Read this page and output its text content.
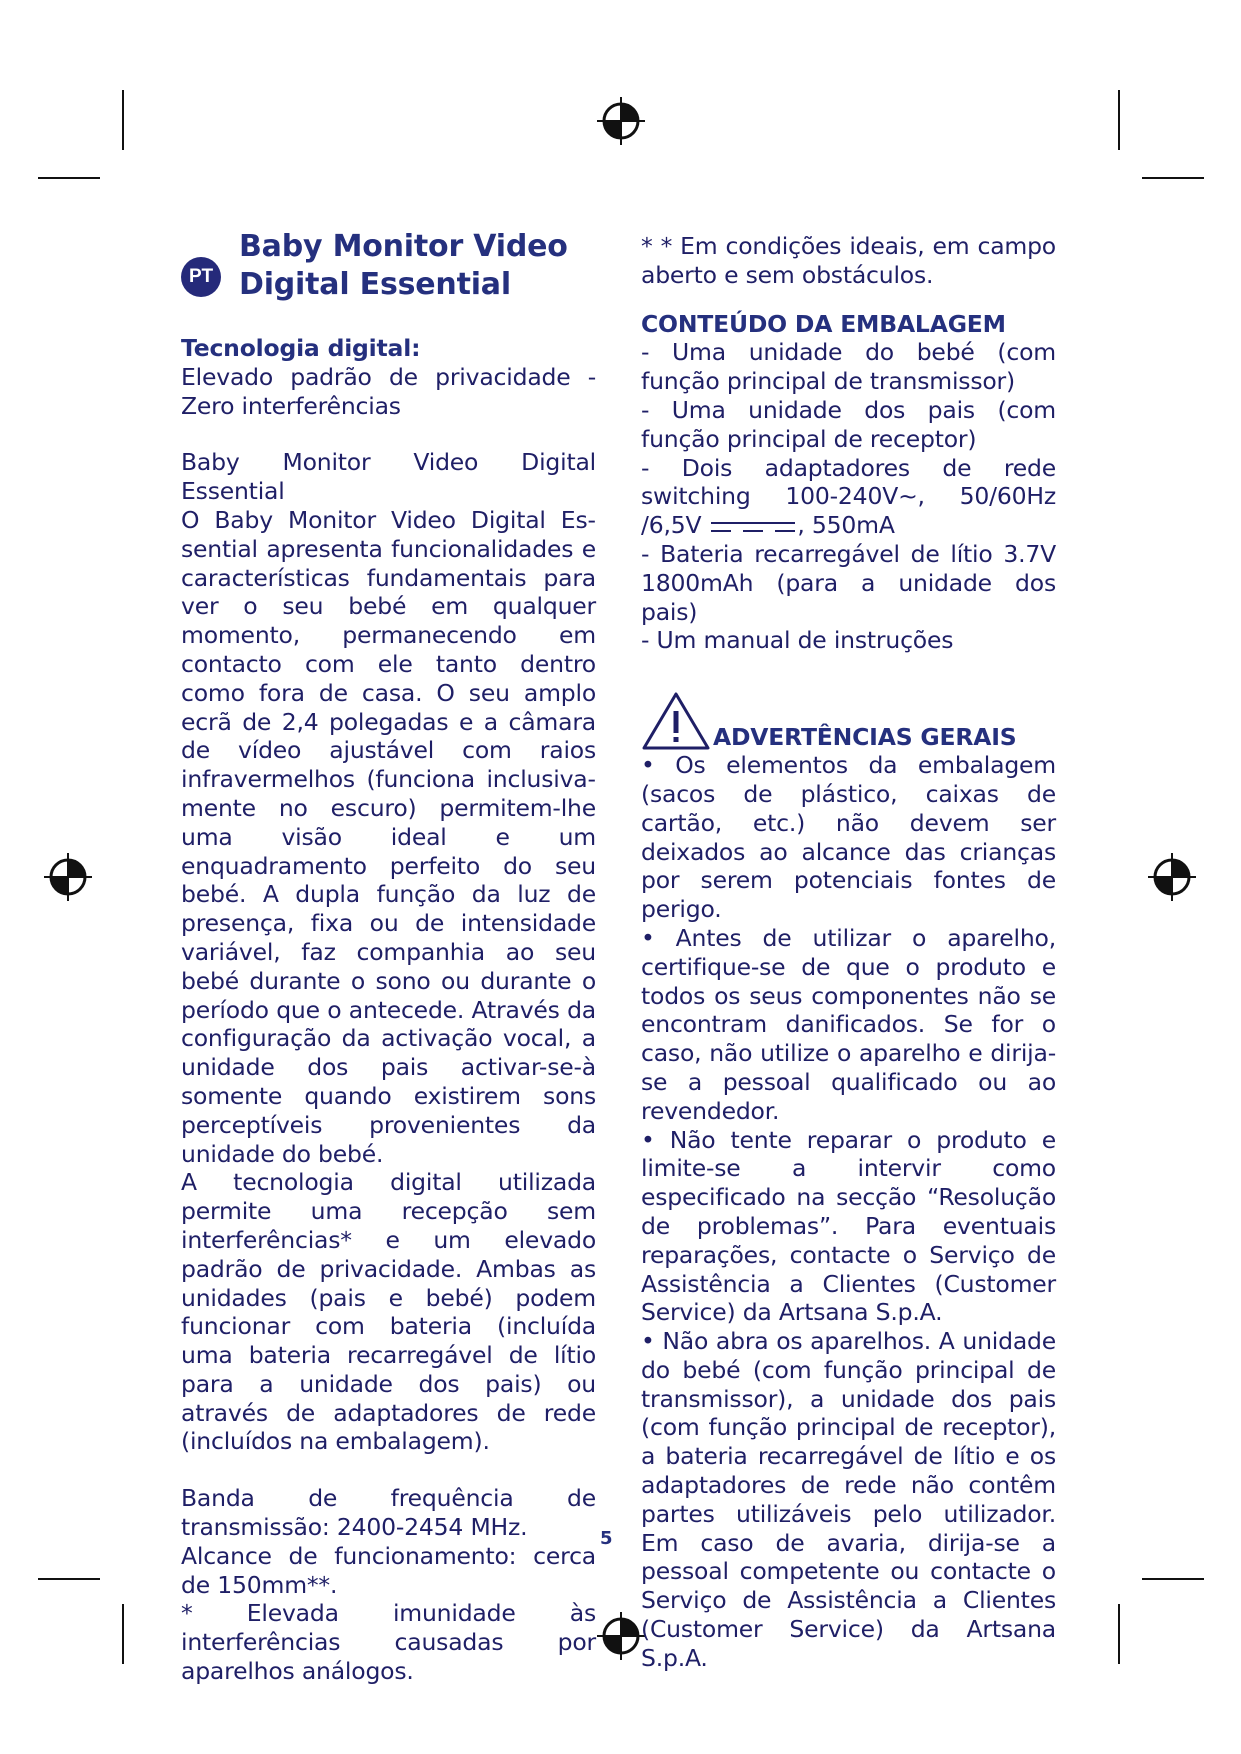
PT
Baby Monitor Video
Digital Essential

Tecnologia digital:

Elevado padrão de privacidade - Zero interferências

Baby Monitor Video Digital Essential

O Baby Monitor Video Digital Essential apresenta funcionalidades e características fundamentais para ver o seu bebé em qualquer momento, permanecendo em contacto com ele tanto dentro como fora de casa. O seu amplo ecrã de 2,4 polegadas e a câmara de vídeo ajustável com raios infravermelhos (funciona inclusivamente no escuro) permitem-lhe uma visão ideal e um enquadramento perfeito do seu bebé. A dupla função da luz de presença, fixa ou de intensidade variável, faz companhia ao seu bebé durante o sono ou durante o período que o antecede. Através da configuração da activação vocal, a unidade dos pais activar-se-à somente quando existirem sons perceptíveis provenientes da unidade do bebé.

A tecnologia digital utilizada permite uma recepção sem interferências* e um elevado padrão de privacidade. Ambas as unidades (pais e bebé) podem funcionar com bateria (incluída uma bateria recarregável de lítio para a unidade dos pais) ou através de adaptadores de rede (incluídos na embalagem).

Banda de frequência de transmissão: 2400-2454 MHz.

Alcance de funcionamento: cerca de 150mm**.

* Elevada imunidade às interferências causadas por aparelhos análogos.

* * Em condições ideais, em campo aberto e sem obstáculos.

CONTEÚDO DA EMBALAGEM

- Uma unidade do bebé (com função principal de transmissor)

- Uma unidade dos pais (com função principal de receptor)

- Dois adaptadores de rede switching 100-240V~, 50/60Hz /6,5V	, 550mA

- Bateria recarregável de lítio 3.7V 1800mAh (para a unidade dos pais)

- Um manual de instruções

ADVERTÊNCIAS GERAIS

• Os elementos da embalagem (sacos de plástico, caixas de cartão, etc.) não devem ser deixados ao alcance das crianças por serem potenciais fontes de perigo.

• Antes de utilizar o aparelho, certifique-se de que o produto e todos os seus componentes não se encontram danificados. Se for o caso, não utilize o aparelho e dirija-se a pessoal qualificado ou ao revendedor.

• Não tente reparar o produto e limite-se a intervir como especificado na secção “Resolução de problemas”. Para eventuais reparações, contacte o Serviço de Assistência a Clientes (Customer Service) da Artsana S.p.A.

• Não abra os aparelhos. A unidade do bebé (com função principal de transmissor), a unidade dos pais (com função principal de receptor), a bateria recarregável de lítio e os adaptadores de rede não contêm partes utilizáveis pelo utilizador. Em caso de avaria, dirija-se a pessoal competente ou contacte o Serviço de Assistência a Clientes (Customer Service) da Artsana S.p.A.

5
